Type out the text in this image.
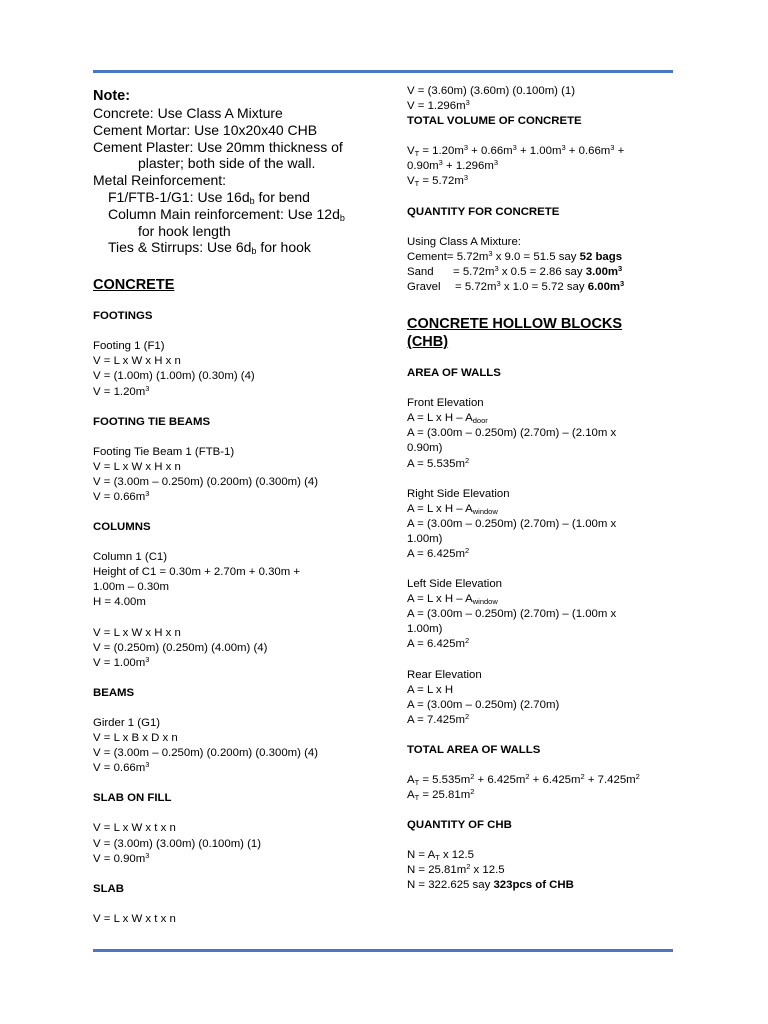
Note:
Concrete: Use Class A Mixture
Cement Mortar: Use 10x20x40 CHB
Cement Plaster: Use 20mm thickness of
plaster; both side of the wall.
Metal Reinforcement:
F1/FTB-1/G1: Use $16d_b$ for bend
Column Main reinforcement: Use $12d_b$
for hook length
Ties & Stirrups: Use $6d_b$ for hook
CONCRETE
FOOTINGS
Footing 1 (F1)
V = L x W x H x n
V = (1.00m) (1.00m) (0.30m) (4)
$V = 1.20m^3$
FOOTING TIE BEAMS
Footing Tie Beam 1 (FTB-1)
V = L x W x H x n
V = (3.00m – 0.250m) (0.200m) (0.300m) (4)
$V = 0.66m^3$
COLUMNS
Column 1 (C1)
Height of C1 = 0.30m + 2.70m + 0.30m +
1.00m – 0.30m
H = 4.00m
V = L x W x H x n
V = (0.250m) (0.250m) (4.00m) (4)
$V = 1.00m^3$
BEAMS
Girder 1 (G1)
V = L x B x D x n
V = (3.00m – 0.250m) (0.200m) (0.300m) (4)
$V = 0.66m^3$
SLAB ON FILL
V = L x W x t x n
V = (3.00m) (3.00m) (0.100m) (1)
$V = 0.90m^3$
SLAB
V = L x W x t x n
V = (3.60m) (3.60m) (0.100m) (1)
$V = 1.296m^3$
TOTAL VOLUME OF CONCRETE
$V_T = 1.20m^3 + 0.66m^3 + 1.00m^3 + 0.66m^3$ +
$0.90m^3 + 1.296m^3$
$V_T = 5.72m^3$
QUANTITY FOR CONCRETE
Using Class A Mixture:
Cement= $5.72m^3$ x 9.0 = 51.5 say 52 bags
Sand = $5.72m^3$ x 0.5 = 2.86 say $3.00m^3$
Gravel = $5.72m^3$ x 1.0 = 5.72 say $6.00m^3$
CONCRETE HOLLOW BLOCKS
(CHB)
AREA OF WALLS
Front Elevation
A = L x H – $A_{door}$
A = (3.00m – 0.250m) (2.70m) – (2.10m x
0.90m)
$A = 5.535m^2$
Right Side Elevation
A = L x H – $A_{window}$
A = (3.00m – 0.250m) (2.70m) – (1.00m x
1.00m)
$A = 6.425m^2$
Left Side Elevation
A = L x H – $A_{window}$
A = (3.00m – 0.250m) (2.70m) – (1.00m x
1.00m)
$A = 6.425m^2$
Rear Elevation
A = L x H
A = (3.00m – 0.250m) (2.70m)
$A = 7.425m^2$
TOTAL AREA OF WALLS
$A_T = 5.535m^2 + 6.425m^2 + 6.425m^2 + 7.425m^2$
$A_T = 25.81m^2$
QUANTITY OF CHB
$N = A_T$ x 12.5
$N = 25.81m^2$ x 12.5
N = 322.625 say 323pcs of CHB
